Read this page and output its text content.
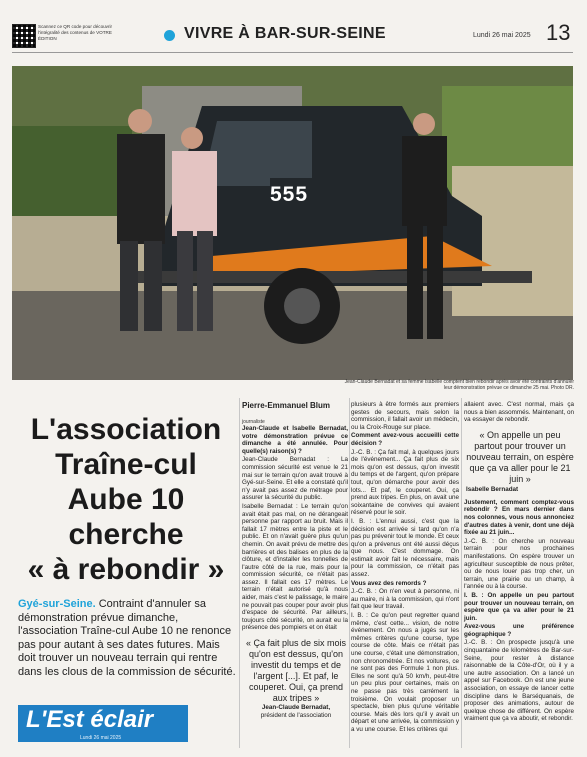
Scannez ce QR code pour découvrir l'intégralité des contenus de VOTRE ÉDITION	VIVRE À BAR-SUR-SEINE	Lundi 26 mai 2025 13
555
Jean-Claude Bernadat et sa femme Isabelle comptent bien rebondir après avoir été contraints d'annuler leur démonstration prévue ce dimanche 25 mai. Photo DR.
L'association
Traîne-cul
Aube 10
cherche
« à rebondir »
Gyé-sur-Seine. Contraint d'annuler sa démonstration prévue dimanche, l'association Traîne-cul Aube 10 ne renonce pas pour autant à ses dates futures. Mais doit trouver un nouveau terrain qui rentre dans les clous de la commission de sécurité.
L'Est éclair
Lundi 26 mai 2025
Pierre-Emmanuel Blum
journaliste

Jean-Claude et Isabelle Bernadat, votre démonstration prévue ce dimanche a été annulée. Pour quelle(s) raison(s) ?

Jean-Claude Bernadat : La commission sécurité est venue le 21 mai sur le terrain qu'on avait trouvé à Gyé-sur-Seine. Et elle a constaté qu'il n'y avait pas assez de métrage pour assurer la sécurité du public.

Isabelle Bernadat : Le terrain qu'on avait était pas mal, on ne dérangeait personne par rapport au bruit. Mais il fallait 17 mètres entre la piste et le public. Et on n'avait guère plus qu'un chemin. On avait prévu de mettre des barrières et des balises en plus de la clôture, et d'installer les tonnelles de l'autre côté de la rue, mais pour la commission sécurité, ce n'était pas assez. Il fallait ces 17 mètres. Le terrain n'était autorisé qu'à nous aider, mais c'est le palissage, le maire ne pouvait pas couper pour avoir plus d'espace de sécurité. Par ailleurs, toujours côté sécurité, on aurait eu la présence des pompiers et on était

« Ça fait plus de six mois qu'on est dessus, qu'on investit du temps et de l'argent [...]. Et paf, le couperet. Oui, ça prend aux tripes »
Jean-Claude Bernadat,
président de l'association

plusieurs à être formés aux premiers gestes de secours, mais selon la commission, il fallait avoir un médecin, ou la Croix-Rouge sur place.

Comment avez-vous accueilli cette décision ?

J.-C. B. : Ça fait mal, à quelques jours de l'événement... Ça fait plus de six mois qu'on est dessus, qu'on investit du temps et de l'argent, qu'on prépare tout, qu'on démarche pour avoir des lots... Et paf, le couperet. Oui, ça prend aux tripes. En plus, on avait une soixantaine de convives qui avaient réservé pour le soir.

I. B. : L'ennui aussi, c'est que la décision est arrivée si tard qu'on n'a pas pu prévenir tout le monde. Et ceux qu'on a prévenus ont été aussi déçus que nous. C'est dommage. On estimait avoir fait le nécessaire, mais pour la commission, ce n'était pas assez.

Vous avez des remords ?

J.-C. B. : On n'en veut à personne, ni au maire, ni à la commission, qui n'ont fait que leur travail.

I. B. : Ce qu'on peut regretter quand même, c'est cette... vision, de notre événement. On nous a jugés sur les mêmes critères qu'une course, type course de côte. Mais ce n'était pas une course, c'était une démonstration, non chronométrée. Et nos voitures, ce ne sont pas des Formule 1 non plus. Elles ne sont qu'à 50 km/h, peut-être un peu plus pour certaines, mais on ne passe pas très carrément la troisième. On voulait proposer un spectacle, bien plus qu'une véritable course. Mais dès lors qu'il y avait un départ et une arrivée, la commission y a vu une course. Et les critères qui

allaient avec. C'est normal, mais ça nous a bien assommés. Maintenant, on va essayer de rebondir.

Justement, comment comptez-vous rebondir ? En mars dernier dans nos colonnes, vous nous annonciez d'autres dates à venir, dont une déjà fixée au 21 juin...

J.-C. B. : On cherche un nouveau terrain pour nos prochaines manifestations. On espère trouver un agriculteur susceptible de nous prêter, ou de nous louer pas trop cher, un terrain, une prairie ou un champ, à l'année ou à la course.

I. B. : On appelle un peu partout pour trouver un nouveau terrain, on espère que ça va aller pour le 21 juin.

Avez-vous une préférence géographique ?

J.-C. B. : On prospecte jusqu'à une cinquantaine de kilomètres de Bar-sur-Seine, pour rester à distance raisonnable de la Côte-d'Or, où il y a une autre association. On a lancé un appel sur Facebook. On est une jeune association, on essaye de lancer cette discipline dans le Barséquanais, de proposer des animations, autour de quelque chose de différent. On espère vraiment que ça va aboutir, et rebondir.

« On appelle un peu partout pour trouver un nouveau terrain, on espère que ça va aller pour le 21 juin »
Isabelle Bernadat
